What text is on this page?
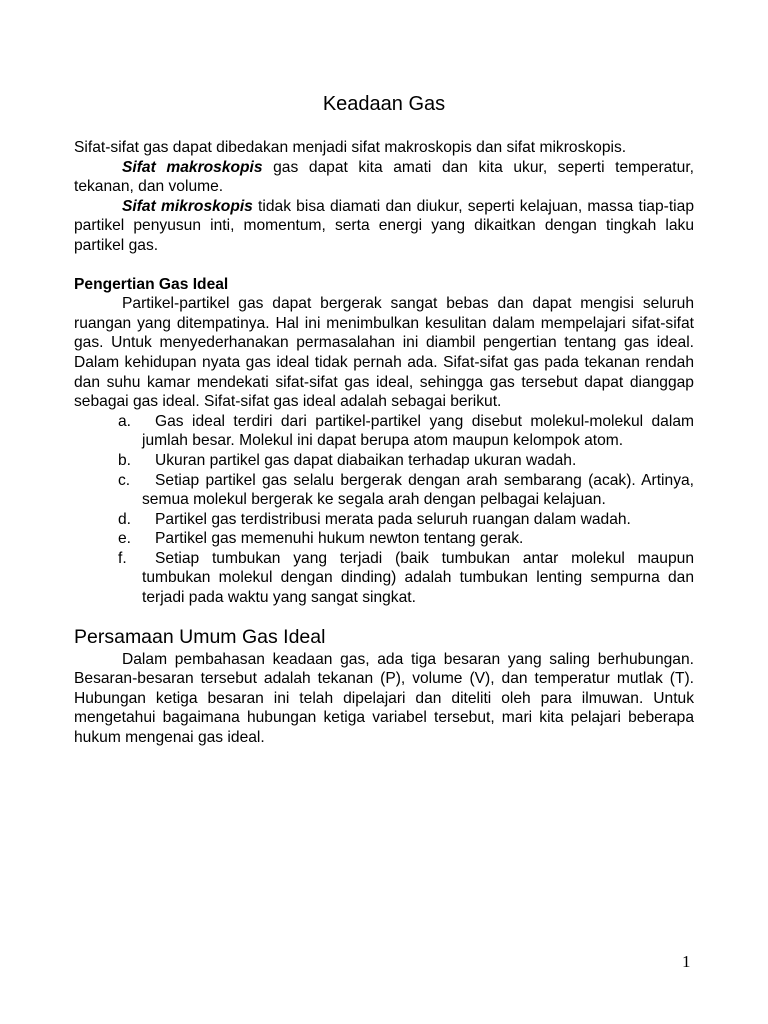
Keadaan Gas

Sifat-sifat gas dapat dibedakan menjadi sifat makroskopis dan sifat mikroskopis.

Sifat makroskopis gas dapat kita amati dan kita ukur, seperti temperatur, tekanan, dan volume.

Sifat mikroskopis tidak bisa diamati dan diukur, seperti kelajuan, massa tiap-tiap partikel penyusun inti, momentum, serta energi yang dikaitkan dengan tingkah laku partikel gas.

Pengertian Gas Ideal

Partikel-partikel gas dapat bergerak sangat bebas dan dapat mengisi seluruh ruangan yang ditempatinya. Hal ini menimbulkan kesulitan dalam mempelajari sifat-sifat gas. Untuk menyederhanakan permasalahan ini diambil pengertian tentang gas ideal. Dalam kehidupan nyata gas ideal tidak pernah ada. Sifat-sifat gas pada tekanan rendah dan suhu kamar mendekati sifat-sifat gas ideal, sehingga gas tersebut dapat dianggap sebagai gas ideal. Sifat-sifat gas ideal adalah sebagai berikut.

a.	Gas ideal terdiri dari partikel-partikel yang disebut molekul-molekul dalam jumlah besar. Molekul ini dapat berupa atom maupun kelompok atom.
b.	Ukuran partikel gas dapat diabaikan terhadap ukuran wadah.
c.	Setiap partikel gas selalu bergerak dengan arah sembarang (acak). Artinya, semua molekul bergerak ke segala arah dengan pelbagai kelajuan.
d.	Partikel gas terdistribusi merata pada seluruh ruangan dalam wadah.
e.	Partikel gas memenuhi hukum newton tentang gerak.
f.	Setiap tumbukan yang terjadi (baik tumbukan antar molekul maupun tumbukan molekul dengan dinding) adalah tumbukan lenting sempurna dan terjadi pada waktu yang sangat singkat.

Persamaan Umum Gas Ideal

Dalam pembahasan keadaan gas, ada tiga besaran yang saling berhubungan. Besaran-besaran tersebut adalah tekanan (P), volume (V), dan temperatur mutlak (T). Hubungan ketiga besaran ini telah dipelajari dan diteliti oleh para ilmuwan. Untuk mengetahui bagaimana hubungan ketiga variabel tersebut, mari kita pelajari beberapa hukum mengenai gas ideal.

1
